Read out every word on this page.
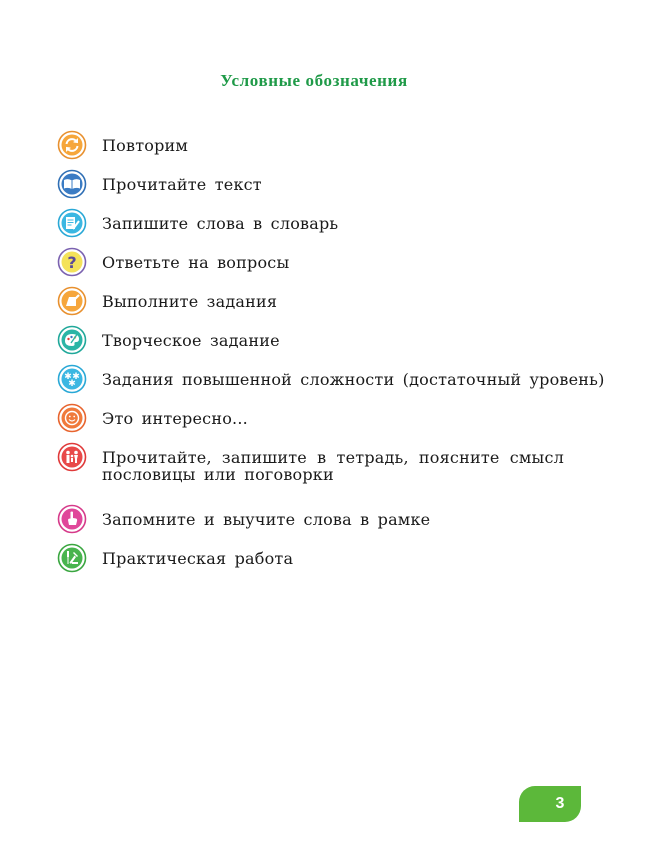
Условные обозначения
Повторим
Прочитайте текст
Запишите слова в словарь
? Ответьте на вопросы
Выполните задания
Творческое задание
✱ ✱
✱ Задания повышенной сложности (достаточный уровень)
Это интересно...
Прочитайте, запишите в тетрадь, поясните смысл пословицы или поговорки
Запомните и выучите слова в рамке
Практическая работа
3
